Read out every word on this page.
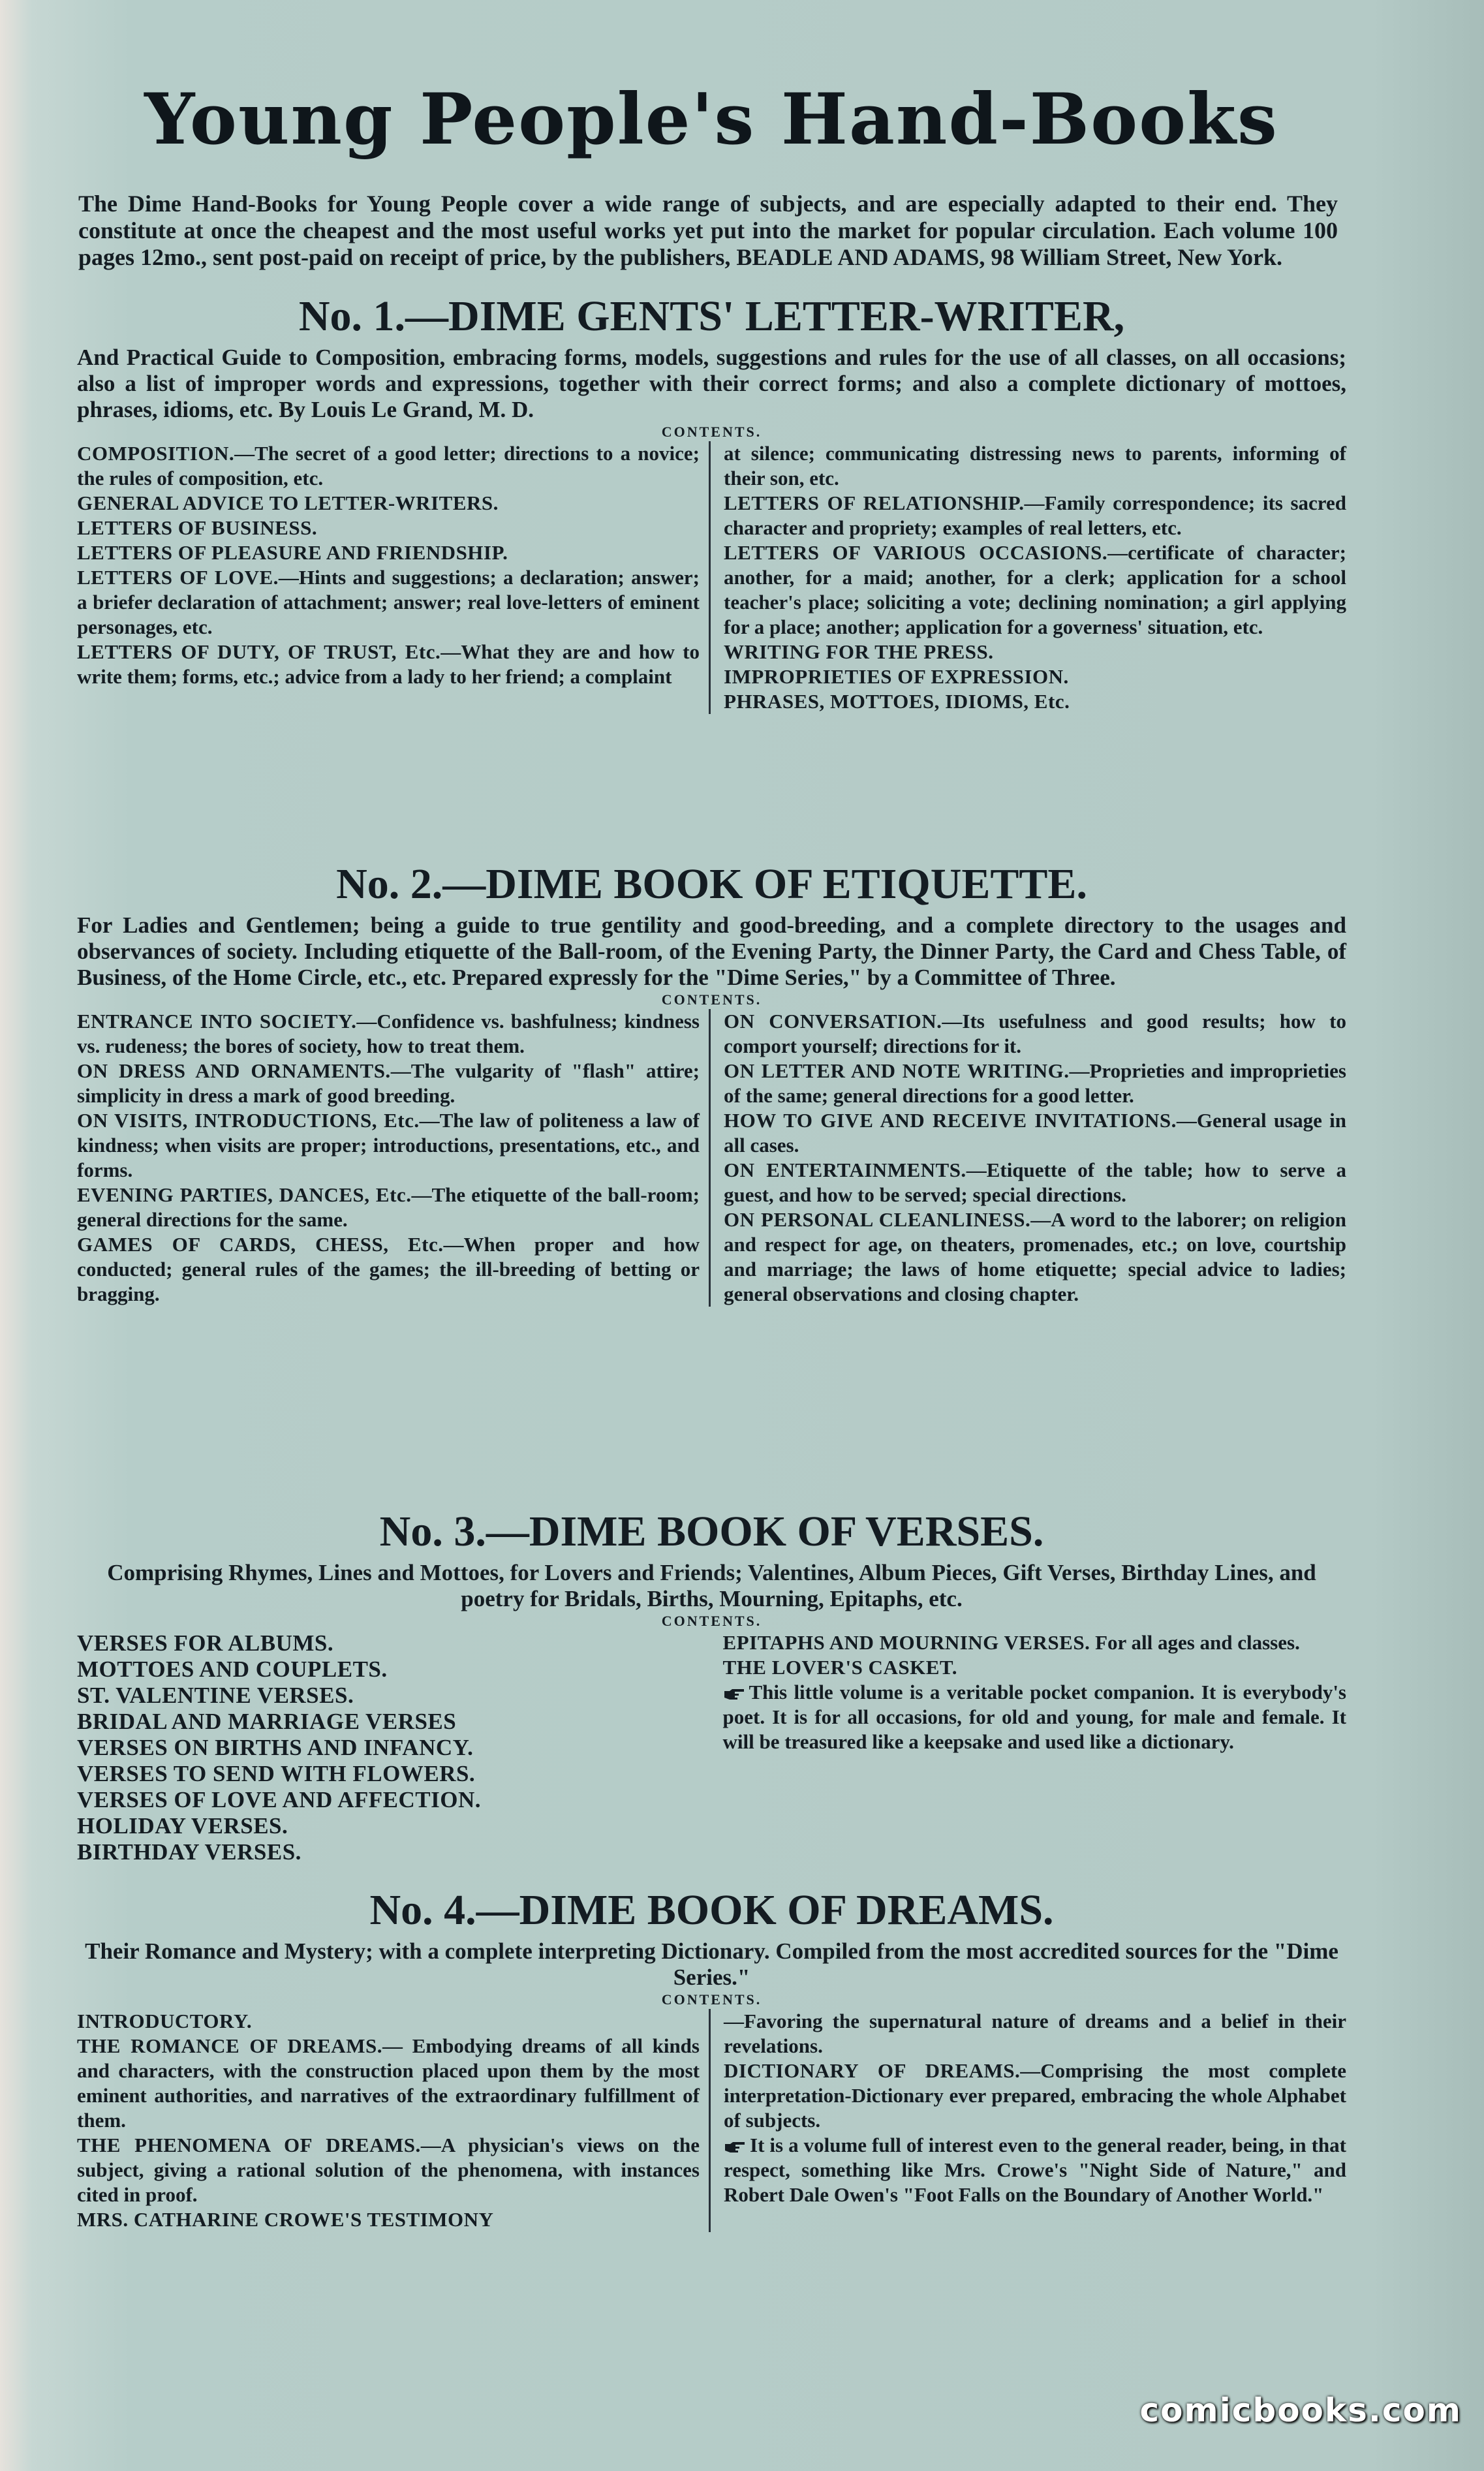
Young People's Hand-Books

The Dime Hand-Books for Young People cover a wide range of subjects, and are especially adapted to their end. They constitute at once the cheapest and the most useful works yet put into the market for popular circulation. Each volume 100 pages 12mo., sent post-paid on receipt of price, by the publishers, BEADLE AND ADAMS, 98 William Street, New York.

No. 1.—DIME GENTS' LETTER-WRITER,

And Practical Guide to Composition, embracing forms, models, suggestions and rules for the use of all classes, on all occasions; also a list of improper words and expressions, together with their correct forms; and also a complete dictionary of mottoes, phrases, idioms, etc. By Louis Le Grand, M. D.

CONTENTS.

COMPOSITION.—The secret of a good letter; directions to a novice; the rules of composition, etc.

GENERAL ADVICE TO LETTER-WRITERS.

LETTERS OF BUSINESS.

LETTERS OF PLEASURE AND FRIENDSHIP.

LETTERS OF LOVE.—Hints and suggestions; a declaration; answer; a briefer declaration of attachment; answer; real love-letters of eminent personages, etc.

LETTERS OF DUTY, OF TRUST, Etc.—What they are and how to write them; forms, etc.; advice from a lady to her friend; a complaint

at silence; communicating distressing news to parents, informing of their son, etc.

LETTERS OF RELATIONSHIP.—Family correspondence; its sacred character and propriety; examples of real letters, etc.

LETTERS OF VARIOUS OCCASIONS.—certificate of character; another, for a maid; another, for a clerk; application for a school teacher's place; soliciting a vote; declining nomination; a girl applying for a place; another; application for a governess' situation, etc.

WRITING FOR THE PRESS.

IMPROPRIETIES OF EXPRESSION.

PHRASES, MOTTOES, IDIOMS, Etc.

No. 2.—DIME BOOK OF ETIQUETTE.

For Ladies and Gentlemen; being a guide to true gentility and good-breeding, and a complete directory to the usages and observances of society. Including etiquette of the Ball-room, of the Evening Party, the Dinner Party, the Card and Chess Table, of Business, of the Home Circle, etc., etc. Prepared expressly for the "Dime Series," by a Committee of Three.

CONTENTS.

ENTRANCE INTO SOCIETY.—Confidence vs. bashfulness; kindness vs. rudeness; the bores of society, how to treat them.

ON DRESS AND ORNAMENTS.—The vulgarity of "flash" attire; simplicity in dress a mark of good breeding.

ON VISITS, INTRODUCTIONS, Etc.—The law of politeness a law of kindness; when visits are proper; introductions, presentations, etc., and forms.

EVENING PARTIES, DANCES, Etc.—The etiquette of the ball-room; general directions for the same.

GAMES OF CARDS, CHESS, Etc.—When proper and how conducted; general rules of the games; the ill-breeding of betting or bragging.

ON CONVERSATION.—Its usefulness and good results; how to comport yourself; directions for it.

ON LETTER AND NOTE WRITING.—Proprieties and improprieties of the same; general directions for a good letter.

HOW TO GIVE AND RECEIVE INVITATIONS.—General usage in all cases.

ON ENTERTAINMENTS.—Etiquette of the table; how to serve a guest, and how to be served; special directions.

ON PERSONAL CLEANLINESS.—A word to the laborer; on religion and respect for age, on theaters, promenades, etc.; on love, courtship and marriage; the laws of home etiquette; special advice to ladies; general observations and closing chapter.

No. 3.—DIME BOOK OF VERSES.

Comprising Rhymes, Lines and Mottoes, for Lovers and Friends; Valentines, Album Pieces, Gift Verses, Birthday Lines, and poetry for Bridals, Births, Mourning, Epitaphs, etc.

CONTENTS.

VERSES FOR ALBUMS.

MOTTOES AND COUPLETS.

ST. VALENTINE VERSES.

BRIDAL AND MARRIAGE VERSES

VERSES ON BIRTHS AND INFANCY.

VERSES TO SEND WITH FLOWERS.

VERSES OF LOVE AND AFFECTION.

HOLIDAY VERSES.

BIRTHDAY VERSES.

EPITAPHS AND MOURNING VERSES. For all ages and classes.

THE LOVER'S CASKET.

This little volume is a veritable pocket companion. It is everybody's poet. It is for all occasions, for old and young, for male and female. It will be treasured like a keepsake and used like a dictionary.

No. 4.—DIME BOOK OF DREAMS.

Their Romance and Mystery; with a complete interpreting Dictionary. Compiled from the most accredited sources for the "Dime Series."

CONTENTS.

INTRODUCTORY.

THE ROMANCE OF DREAMS.— Embodying dreams of all kinds and characters, with the construction placed upon them by the most eminent authorities, and narratives of the extraordinary fulfillment of them.

THE PHENOMENA OF DREAMS.—A physician's views on the subject, giving a rational solution of the phenomena, with instances cited in proof.

MRS. CATHARINE CROWE'S TESTIMONY

—Favoring the supernatural nature of dreams and a belief in their revelations.

DICTIONARY OF DREAMS.—Comprising the most complete interpretation-Dictionary ever prepared, embracing the whole Alphabet of subjects.

It is a volume full of interest even to the general reader, being, in that respect, something like Mrs. Crowe's "Night Side of Nature," and Robert Dale Owen's "Foot Falls on the Boundary of Another World."

comicbooks.com
